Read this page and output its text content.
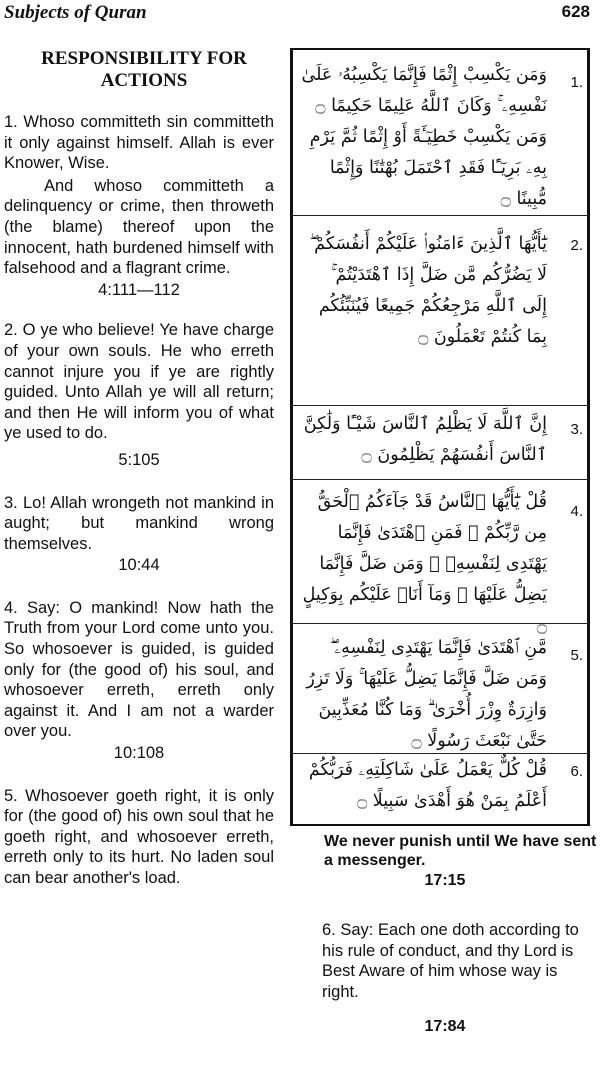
Subjects of Quran	628
RESPONSIBILITY FOR ACTIONS

1. Whoso committeth sin committeth it only against himself. Allah is ever Knower, Wise.

And whoso committeth a delinquency or crime, then throweth (the blame) thereof upon the innocent, hath burdened himself with falsehood and a flagrant crime.

4:111—112

2. O ye who believe! Ye have charge of your own souls. He who erreth cannot injure you if ye are rightly guided. Unto Allah ye will all return; and then He will inform you of what ye used to do.

5:105

3. Lo! Allah wrongeth not mankind in aught; but mankind wrong themselves.

10:44

4. Say: O mankind! Now hath the Truth from your Lord come unto you. So whosoever is guided, is guided only for (the good of) his soul, and whosoever erreth, erreth only against it. And I am not a warder over you.

10:108

5. Whosoever goeth right, it is only for (the good of) his own soul that he goeth right, and whosoever erreth, erreth only to its hurt. No laden soul can bear another's load.

1.
وَمَن يَكْسِبْ إِثْمًا فَإِنَّمَا يَكْسِبُهُۥ عَلَىٰ نَفْسِهِۦ ۚ وَكَانَ ٱللَّهُ عَلِيمًا حَكِيمًا ۝ وَمَن يَكْسِبْ خَطِيٓـَٔةً أَوْ إِثْمًا ثُمَّ يَرْمِ بِهِۦ بَرِيٓـًٔا فَقَدِ ٱحْتَمَلَ بُهْتَٰنًا وَإِثْمًا مُّبِينًا ۝
2.
يَٰٓأَيُّهَا ٱلَّذِينَ ءَامَنُوا۟ عَلَيْكُمْ أَنفُسَكُمْ ۖ لَا يَضُرُّكُم مَّن ضَلَّ إِذَا ٱهْتَدَيْتُمْ ۚ إِلَى ٱللَّهِ مَرْجِعُكُمْ جَمِيعًا فَيُنَبِّئُكُم بِمَا كُنتُمْ تَعْمَلُونَ ۝
3.
إِنَّ ٱللَّهَ لَا يَظْلِمُ ٱلنَّاسَ شَيْـًٔا وَلَٰكِنَّ ٱلنَّاسَ أَنفُسَهُمْ يَظْلِمُونَ ۝
4.
قُلْ يَٰٓأَيُّهَا ٱلنَّاسُ قَدْ جَآءَكُمُ ٱلْحَقُّ مِن رَّبِّكُمْ ۖ فَمَنِ ٱهْتَدَىٰ فَإِنَّمَا يَهْتَدِى لِنَفْسِهِۦ ۖ وَمَن ضَلَّ فَإِنَّمَا يَضِلُّ عَلَيْهَا ۖ وَمَآ أَنَا۠ عَلَيْكُم بِوَكِيلٍ ۝
5.
مَّنِ ٱهْتَدَىٰ فَإِنَّمَا يَهْتَدِى لِنَفْسِهِۦ ۖ وَمَن ضَلَّ فَإِنَّمَا يَضِلُّ عَلَيْهَا ۚ وَلَا تَزِرُ وَازِرَةٌ وِزْرَ أُخْرَىٰ ۗ وَمَا كُنَّا مُعَذِّبِينَ حَتَّىٰ نَبْعَثَ رَسُولًا ۝
6.
قُلْ كُلٌّ يَعْمَلُ عَلَىٰ شَاكِلَتِهِۦ فَرَبُّكُمْ أَعْلَمُ بِمَنْ هُوَ أَهْدَىٰ سَبِيلًا ۝
We never punish until We have sent a messenger.
17:15
6. Say: Each one doth according to his rule of conduct, and thy Lord is Best Aware of him whose way is right.
17:84
